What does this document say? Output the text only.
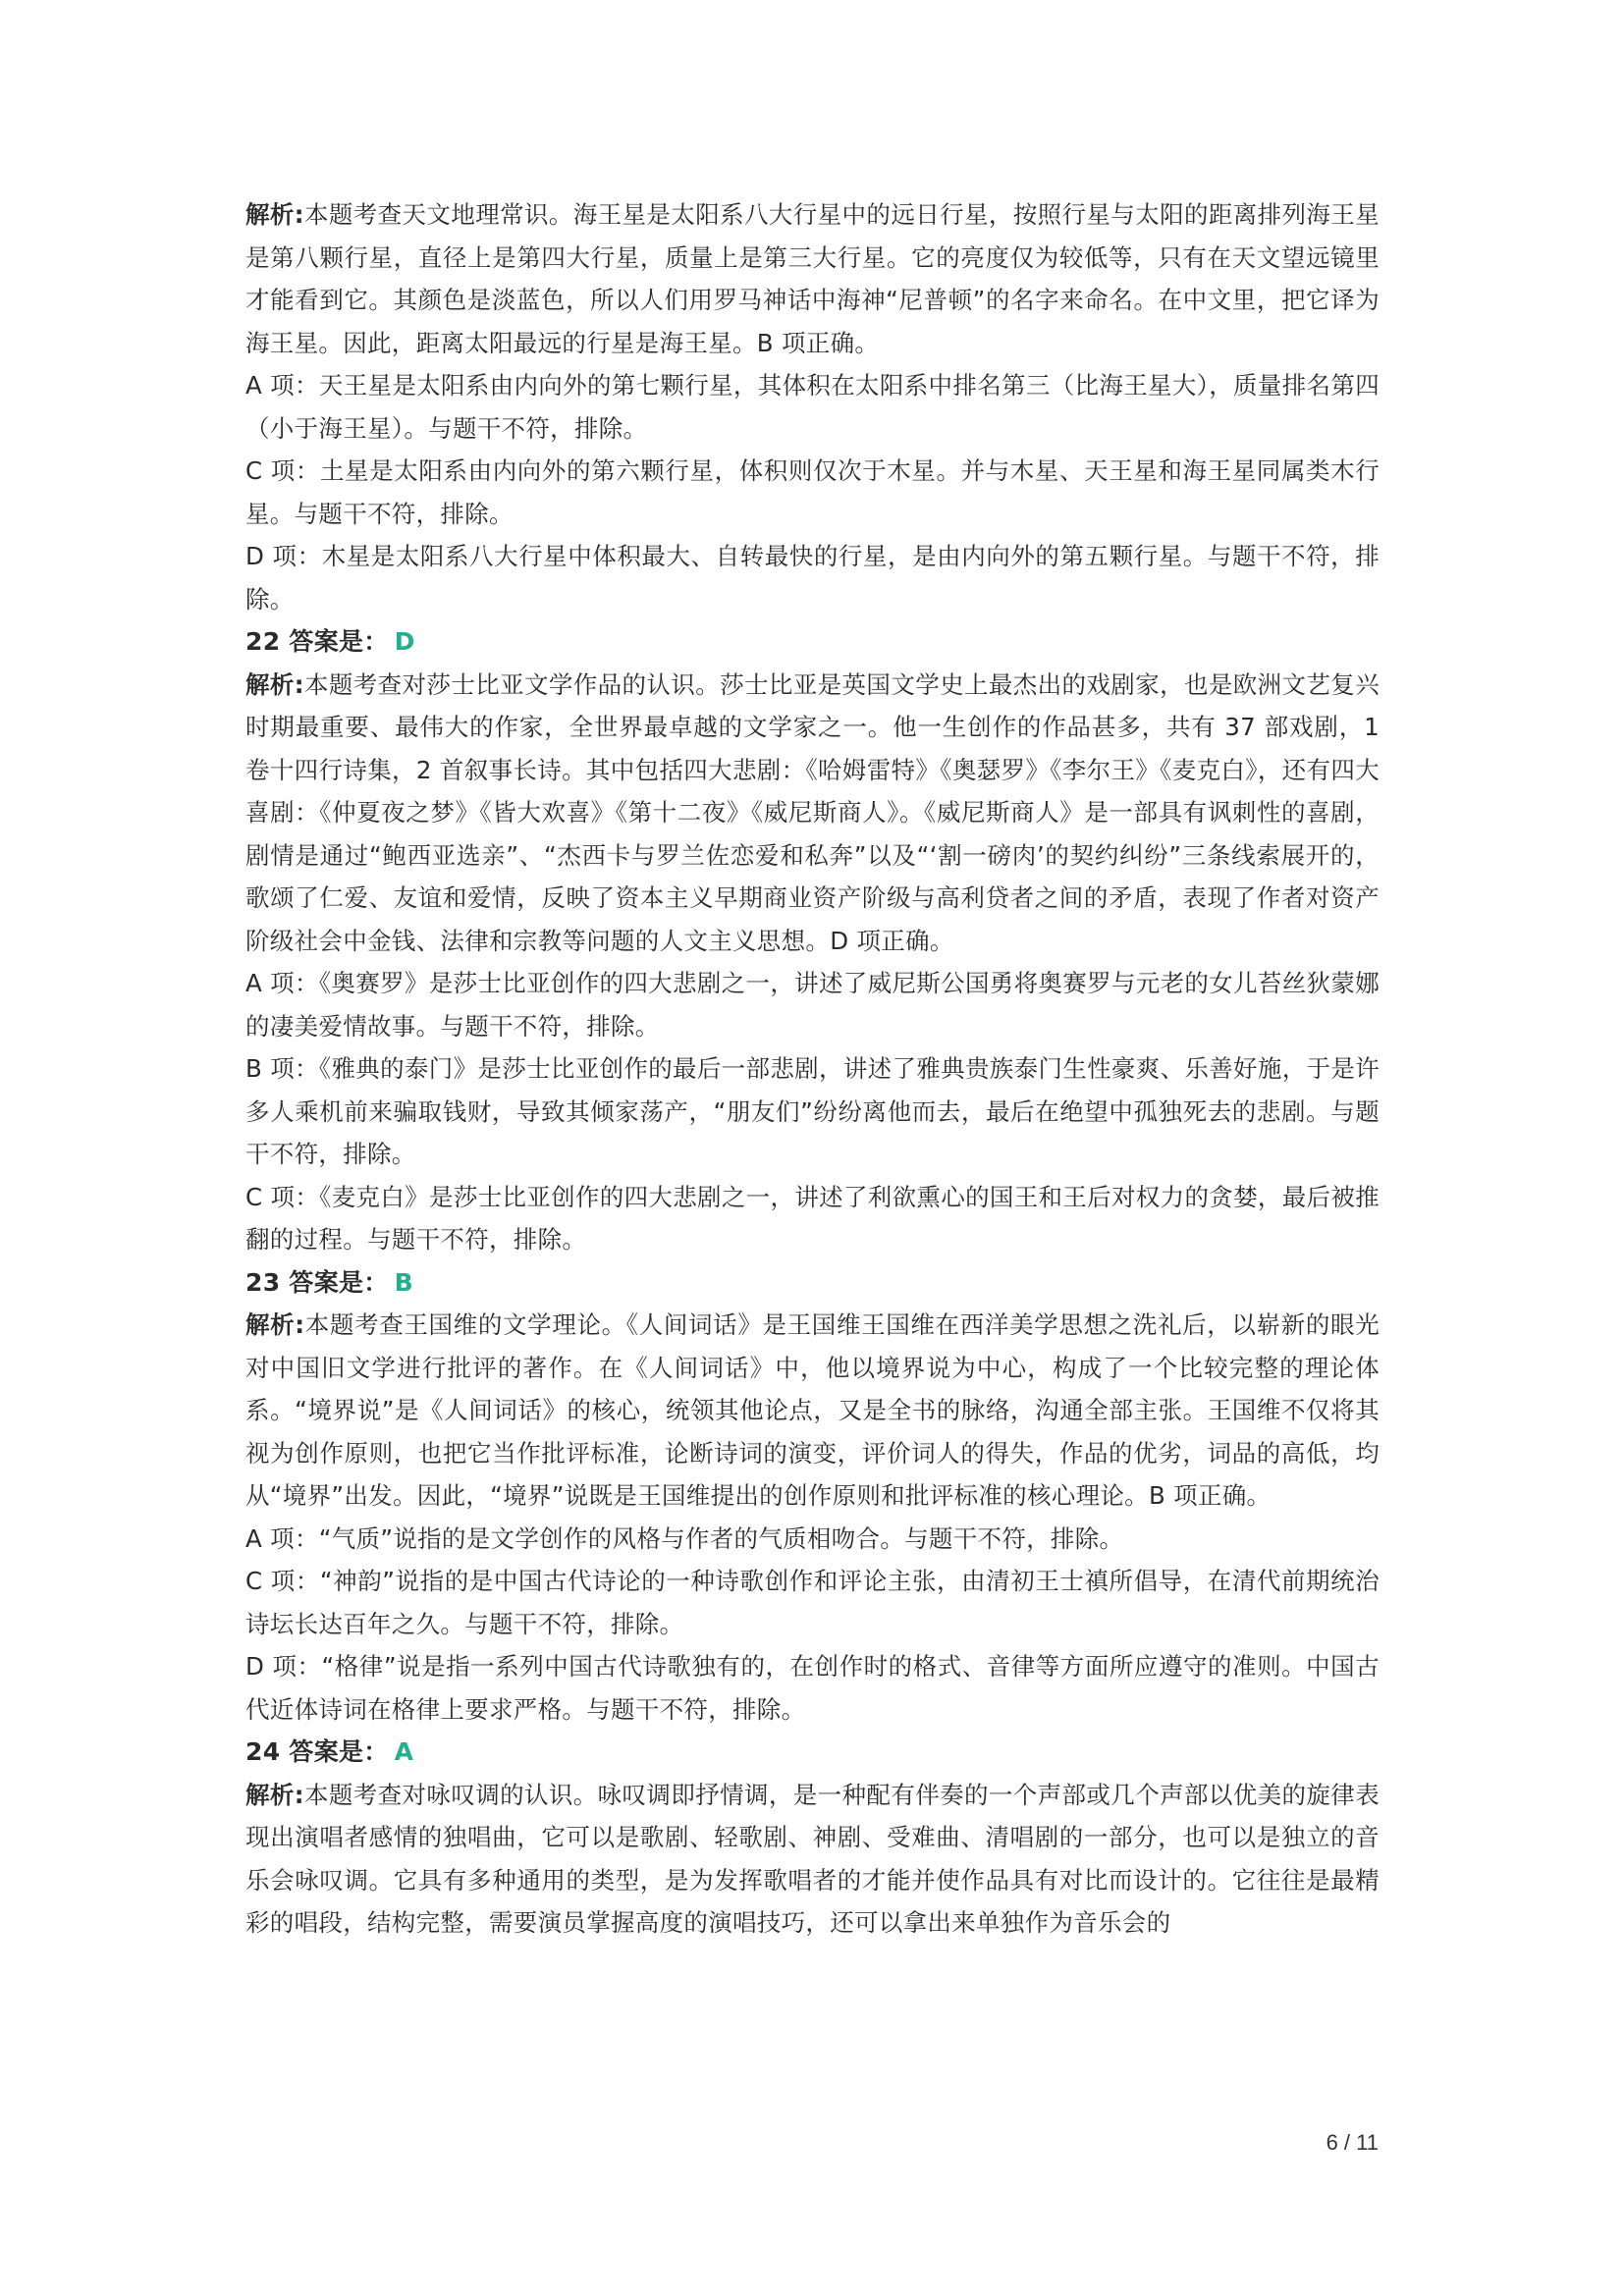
解析:本题考查天文地理常识。海王星是太阳系八大行星中的远日行星，按照行星与太阳的距离排列海王星是第八颗行星，直径上是第四大行星，质量上是第三大行星。它的亮度仅为较低等，只有在天文望远镜里才能看到它。其颜色是淡蓝色，所以人们用罗马神话中海神“尼普顿”的名字来命名。在中文里，把它译为海王星。因此，距离太阳最远的行星是海王星。B 项正确。

A 项：天王星是太阳系由内向外的第七颗行星，其体积在太阳系中排名第三（比海王星大），质量排名第四（小于海王星）。与题干不符，排除。

C 项：土星是太阳系由内向外的第六颗行星，体积则仅次于木星。并与木星、天王星和海王星同属类木行星。与题干不符，排除。

D 项：木星是太阳系八大行星中体积最大、自转最快的行星，是由内向外的第五颗行星。与题干不符，排除。

22 答案是： D

解析:本题考查对莎士比亚文学作品的认识。莎士比亚是英国文学史上最杰出的戏剧家，也是欧洲文艺复兴时期最重要、最伟大的作家，全世界最卓越的文学家之一。他一生创作的作品甚多，共有 37 部戏剧，1 卷十四行诗集，2 首叙事长诗。其中包括四大悲剧：《哈姆雷特》《奥瑟罗》《李尔王》《麦克白》，还有四大喜剧：《仲夏夜之梦》《皆大欢喜》《第十二夜》《威尼斯商人》。《威尼斯商人》是一部具有讽刺性的喜剧，剧情是通过“鲍西亚选亲”、“杰西卡与罗兰佐恋爱和私奔”以及“‘割一磅肉’的契约纠纷”三条线索展开的，歌颂了仁爱、友谊和爱情，反映了资本主义早期商业资产阶级与高利贷者之间的矛盾，表现了作者对资产阶级社会中金钱、法律和宗教等问题的人文主义思想。D 项正确。

A 项：《奥赛罗》是莎士比亚创作的四大悲剧之一，讲述了威尼斯公国勇将奥赛罗与元老的女儿苔丝狄蒙娜的凄美爱情故事。与题干不符，排除。

B 项：《雅典的泰门》是莎士比亚创作的最后一部悲剧，讲述了雅典贵族泰门生性豪爽、乐善好施，于是许多人乘机前来骗取钱财，导致其倾家荡产，“朋友们”纷纷离他而去，最后在绝望中孤独死去的悲剧。与题干不符，排除。

C 项：《麦克白》是莎士比亚创作的四大悲剧之一，讲述了利欲熏心的国王和王后对权力的贪婪，最后被推翻的过程。与题干不符，排除。

23 答案是： B

解析:本题考查王国维的文学理论。《人间词话》是王国维王国维在西洋美学思想之洗礼后，以崭新的眼光对中国旧文学进行批评的著作。在《人间词话》中，他以境界说为中心，构成了一个比较完整的理论体系。“境界说”是《人间词话》的核心，统领其他论点，又是全书的脉络，沟通全部主张。王国维不仅将其视为创作原则，也把它当作批评标准，论断诗词的演变，评价词人的得失，作品的优劣，词品的高低，均从“境界”出发。因此，“境界”说既是王国维提出的创作原则和批评标准的核心理论。B 项正确。

A 项：“气质”说指的是文学创作的风格与作者的气质相吻合。与题干不符，排除。

C 项：“神韵”说指的是中国古代诗论的一种诗歌创作和评论主张，由清初王士禛所倡导，在清代前期统治诗坛长达百年之久。与题干不符，排除。

D 项：“格律”说是指一系列中国古代诗歌独有的，在创作时的格式、音律等方面所应遵守的准则。中国古代近体诗词在格律上要求严格。与题干不符，排除。

24 答案是： A

解析:本题考查对咏叹调的认识。咏叹调即抒情调，是一种配有伴奏的一个声部或几个声部以优美的旋律表现出演唱者感情的独唱曲，它可以是歌剧、轻歌剧、神剧、受难曲、清唱剧的一部分，也可以是独立的音乐会咏叹调。它具有多种通用的类型，是为发挥歌唱者的才能并使作品具有对比而设计的。它往往是最精彩的唱段，结构完整，需要演员掌握高度的演唱技巧，还可以拿出来单独作为音乐会的

6 / 11
